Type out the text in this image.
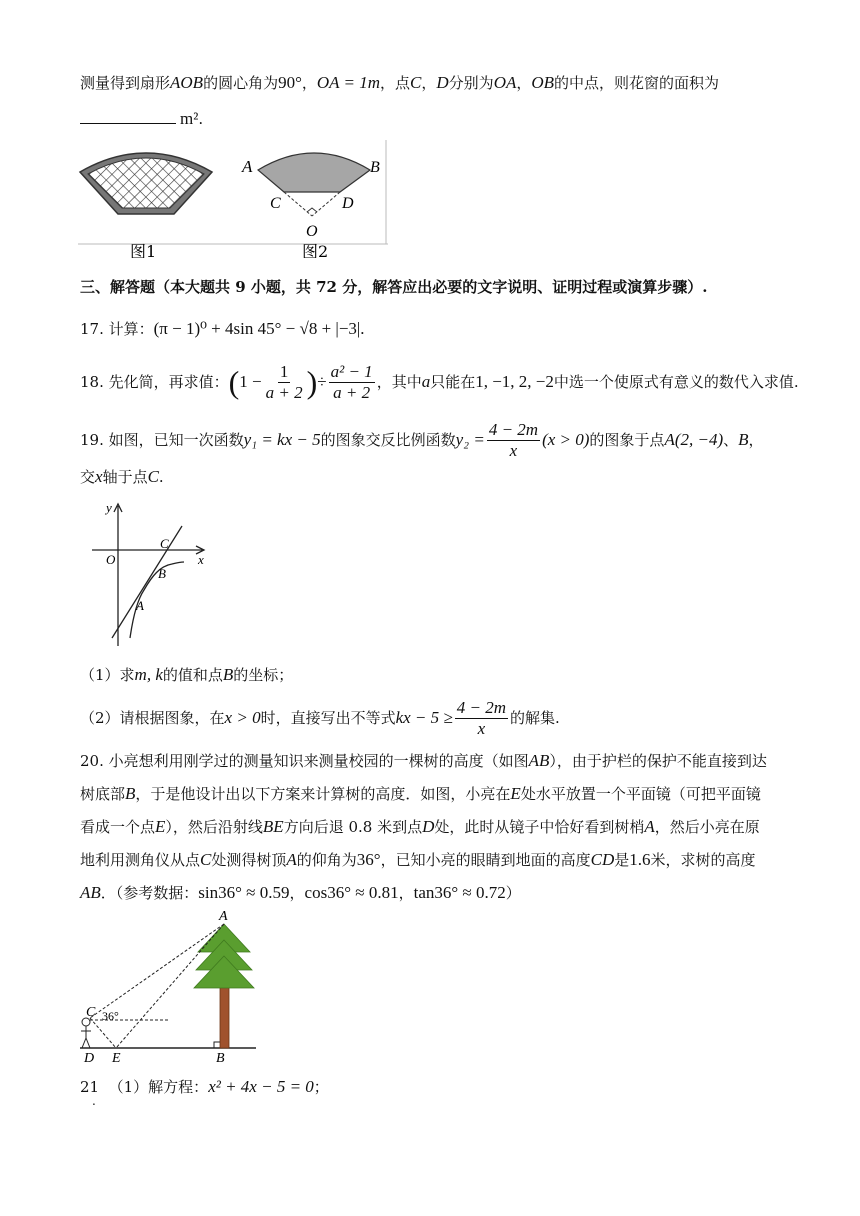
测量得到扇形AOB的圆心角为90°，OA = 1m，点C，D分别为OA，OB的中点，则花窗的面积为
m².
图1
A	B
C	D
O
图2
三、解答题（本大题共 9 小题，共 72 分，解答应出必要的文字说明、证明过程或演算步骤）.
17. 计算：(π − 1)⁰ + 4sin 45° − √8 + |−3|.
18. 先化简，再求值： ( $1 - \frac{1}{a + 2}$ ) ÷ $\frac{\text{a² − 1}}{a + 2}$ ，其中 a 只能在 1, −1, 2, −2 中选一个使原式有意义的数代入求值.
19. 如图，已知一次函数 y₁ = kx − 5 的图象交反比例函数 $y_2 = \frac{4 - 2m}{x} (x > 0)$ 的图象于点 A(2, −4) 、 B ，
交x轴于点C.
y
x
O
C
B
A
（1）求m, k的值和点B的坐标；
（2）请根据图象，在 x > 0 时，直接写出不等式 kx − $5 \ge \frac{4 - 2m}{x}$ 的解集.
20. 小亮想利用刚学过的测量知识来测量校园的一棵树的高度（如图AB），由于护栏的保护不能直接到达
树底部B，于是他设计出以下方案来计算树的高度．如图，小亮在E处水平放置一个平面镜（可把平面镜
看成一个点E），然后沿射线BE方向后退 0.8 米到点D处，此时从镜子中恰好看到树梢A，然后小亮在原
地利用测角仪从点C处测得树顶A的仰角为36°，已知小亮的眼睛到地面的高度CD是1.6米，求树的高度
AB．（参考数据：sin36° ≈ 0.59，cos36° ≈ 0.81，tan36° ≈ 0.72）
A
C 36°
D E	B
21 （1）解方程：x² + 4x − 5 = 0；
.
